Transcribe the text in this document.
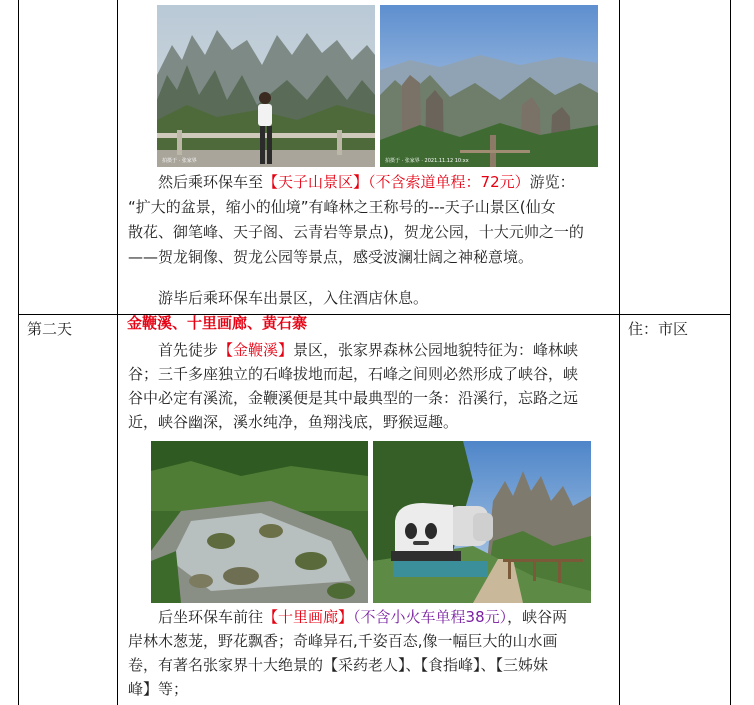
拍摄于 · 张家界	拍摄于 · 张家界 · 2021.11.12 10:xx
然后乘环保车至【天子山景区】（不含索道单程：72元）游览：
“扩大的盆景，缩小的仙境”有峰林之王称号的---天子山景区(仙女
散花、御笔峰、天子阁、云青岩等景点)，贺龙公园，十大元帅之一的
——贺龙铜像、贺龙公园等景点，感受波澜壮阔之神秘意境。
游毕后乘环保车出景区，入住酒店休息。
第二天	金鞭溪、十里画廊、黄石寨	住：市区
首先徒步【金鞭溪】景区，张家界森林公园地貌特征为：峰林峡
谷；三千多座独立的石峰拔地而起，石峰之间则必然形成了峡谷，峡
谷中必定有溪流，金鞭溪便是其中最典型的一条：沿溪行，忘路之远
近，峡谷幽深，溪水纯净，鱼翔浅底，野猴逗趣。
后坐环保车前往【十里画廊】（不含小火车单程38元），峡谷两
岸林木葱茏，野花飘香；奇峰异石,千姿百态,像一幅巨大的山水画
卷，有著名张家界十大绝景的【采药老人】、【食指峰】、【三姊妹
峰】等；
